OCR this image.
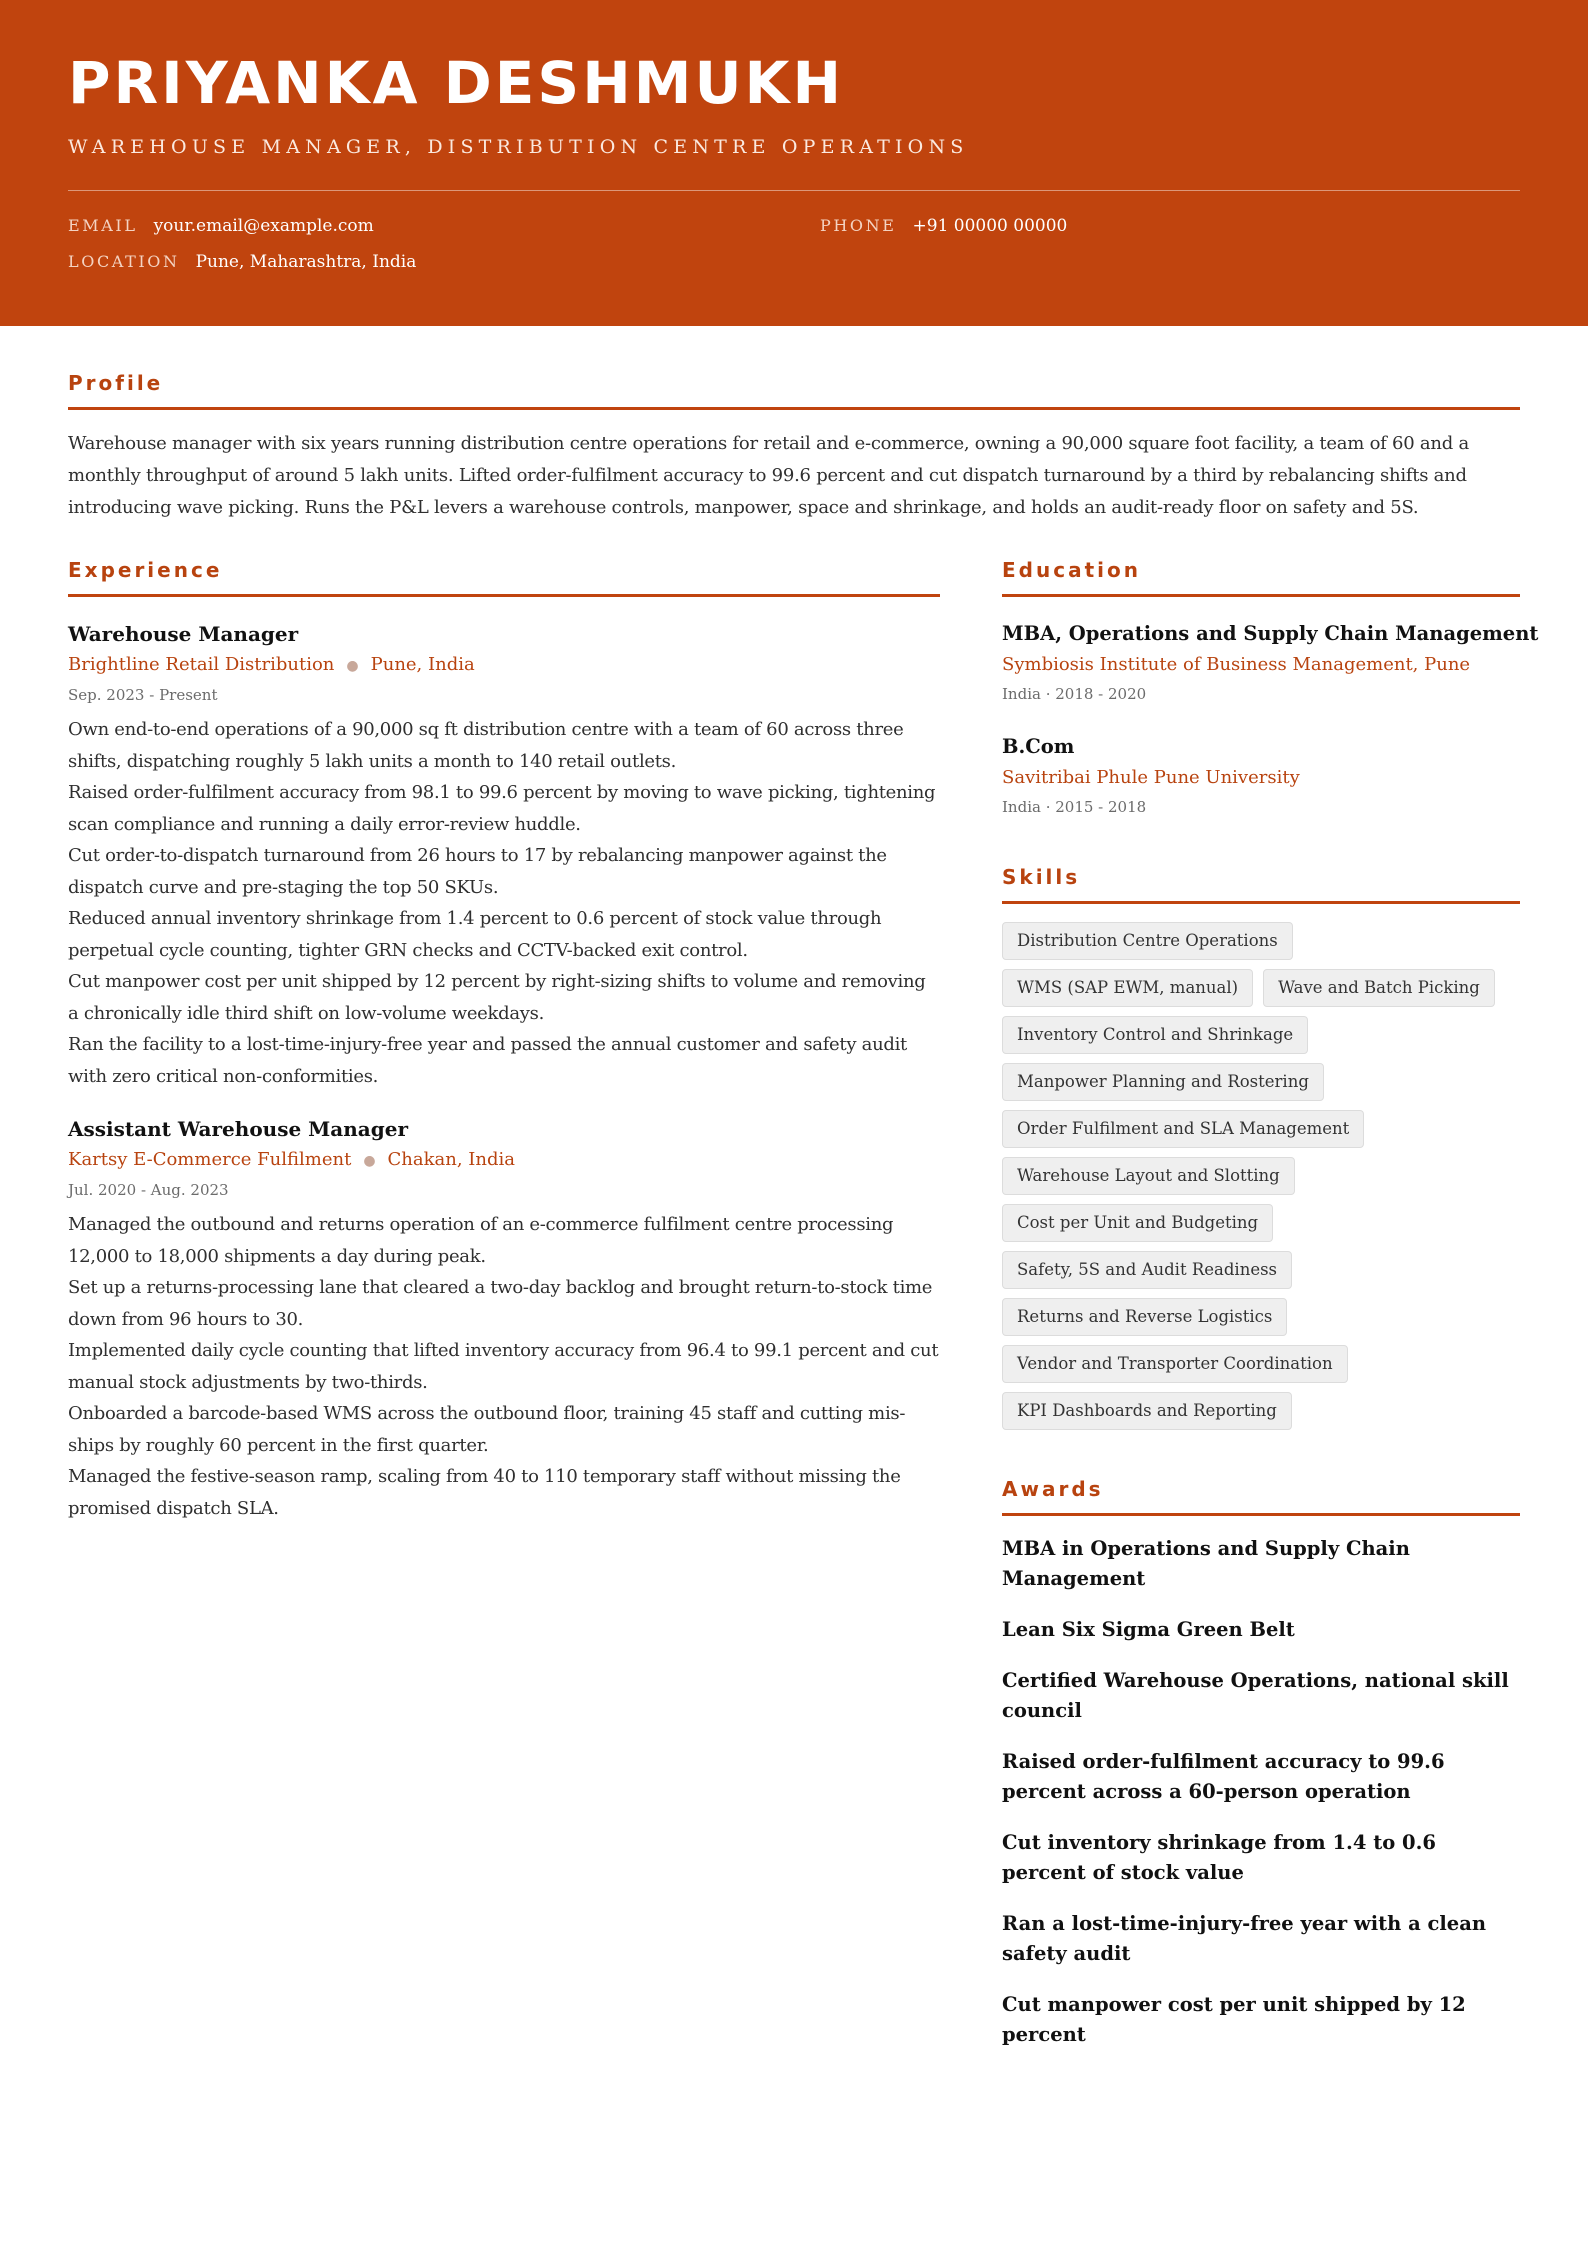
PRIYANKA DESHMUKH
WAREHOUSE MANAGER, DISTRIBUTION CENTRE OPERATIONS
EMAIL your.email@example.com	PHONE +91 00000 00000
LOCATION Pune, Maharashtra, India
Profile
Warehouse manager with six years running distribution centre operations for retail and e-commerce, owning a 90,000 square foot facility, a team of 60 and a monthly throughput of around 5 lakh units. Lifted order-fulfilment accuracy to 99.6 percent and cut dispatch turnaround by a third by rebalancing shifts and introducing wave picking. Runs the P&L levers a warehouse controls, manpower, space and shrinkage, and holds an audit-ready floor on safety and 5S.
Experience
Warehouse Manager
Brightline Retail Distribution ● Pune, India
Sep. 2023 - Present
Own end-to-end operations of a 90,000 sq ft distribution centre with a team of 60 across three shifts, dispatching roughly 5 lakh units a month to 140 retail outlets.
Raised order-fulfilment accuracy from 98.1 to 99.6 percent by moving to wave picking, tightening scan compliance and running a daily error-review huddle.
Cut order-to-dispatch turnaround from 26 hours to 17 by rebalancing manpower against the dispatch curve and pre-staging the top 50 SKUs.
Reduced annual inventory shrinkage from 1.4 percent to 0.6 percent of stock value through perpetual cycle counting, tighter GRN checks and CCTV-backed exit control.
Cut manpower cost per unit shipped by 12 percent by right-sizing shifts to volume and removing a chronically idle third shift on low-volume weekdays.
Ran the facility to a lost-time-injury-free year and passed the annual customer and safety audit with zero critical non-conformities.
Assistant Warehouse Manager
Kartsy E-Commerce Fulfilment ● Chakan, India
Jul. 2020 - Aug. 2023
Managed the outbound and returns operation of an e-commerce fulfilment centre processing 12,000 to 18,000 shipments a day during peak.
Set up a returns-processing lane that cleared a two-day backlog and brought return-to-stock time down from 96 hours to 30.
Implemented daily cycle counting that lifted inventory accuracy from 96.4 to 99.1 percent and cut manual stock adjustments by two-thirds.
Onboarded a barcode-based WMS across the outbound floor, training 45 staff and cutting mis-ships by roughly 60 percent in the first quarter.
Managed the festive-season ramp, scaling from 40 to 110 temporary staff without missing the promised dispatch SLA.
Education
MBA, Operations and Supply Chain Management
Symbiosis Institute of Business Management, Pune
India · 2018 - 2020
B.Com
Savitribai Phule Pune University
India · 2015 - 2018
Skills
Distribution Centre Operations
WMS (SAP EWM, manual)	Wave and Batch Picking
Inventory Control and Shrinkage
Manpower Planning and Rostering
Order Fulfilment and SLA Management
Warehouse Layout and Slotting
Cost per Unit and Budgeting
Safety, 5S and Audit Readiness
Returns and Reverse Logistics
Vendor and Transporter Coordination
KPI Dashboards and Reporting
Awards
MBA in Operations and Supply Chain Management
Lean Six Sigma Green Belt
Certified Warehouse Operations, national skill council
Raised order-fulfilment accuracy to 99.6 percent across a 60-person operation
Cut inventory shrinkage from 1.4 to 0.6 percent of stock value
Ran a lost-time-injury-free year with a clean safety audit
Cut manpower cost per unit shipped by 12 percent
